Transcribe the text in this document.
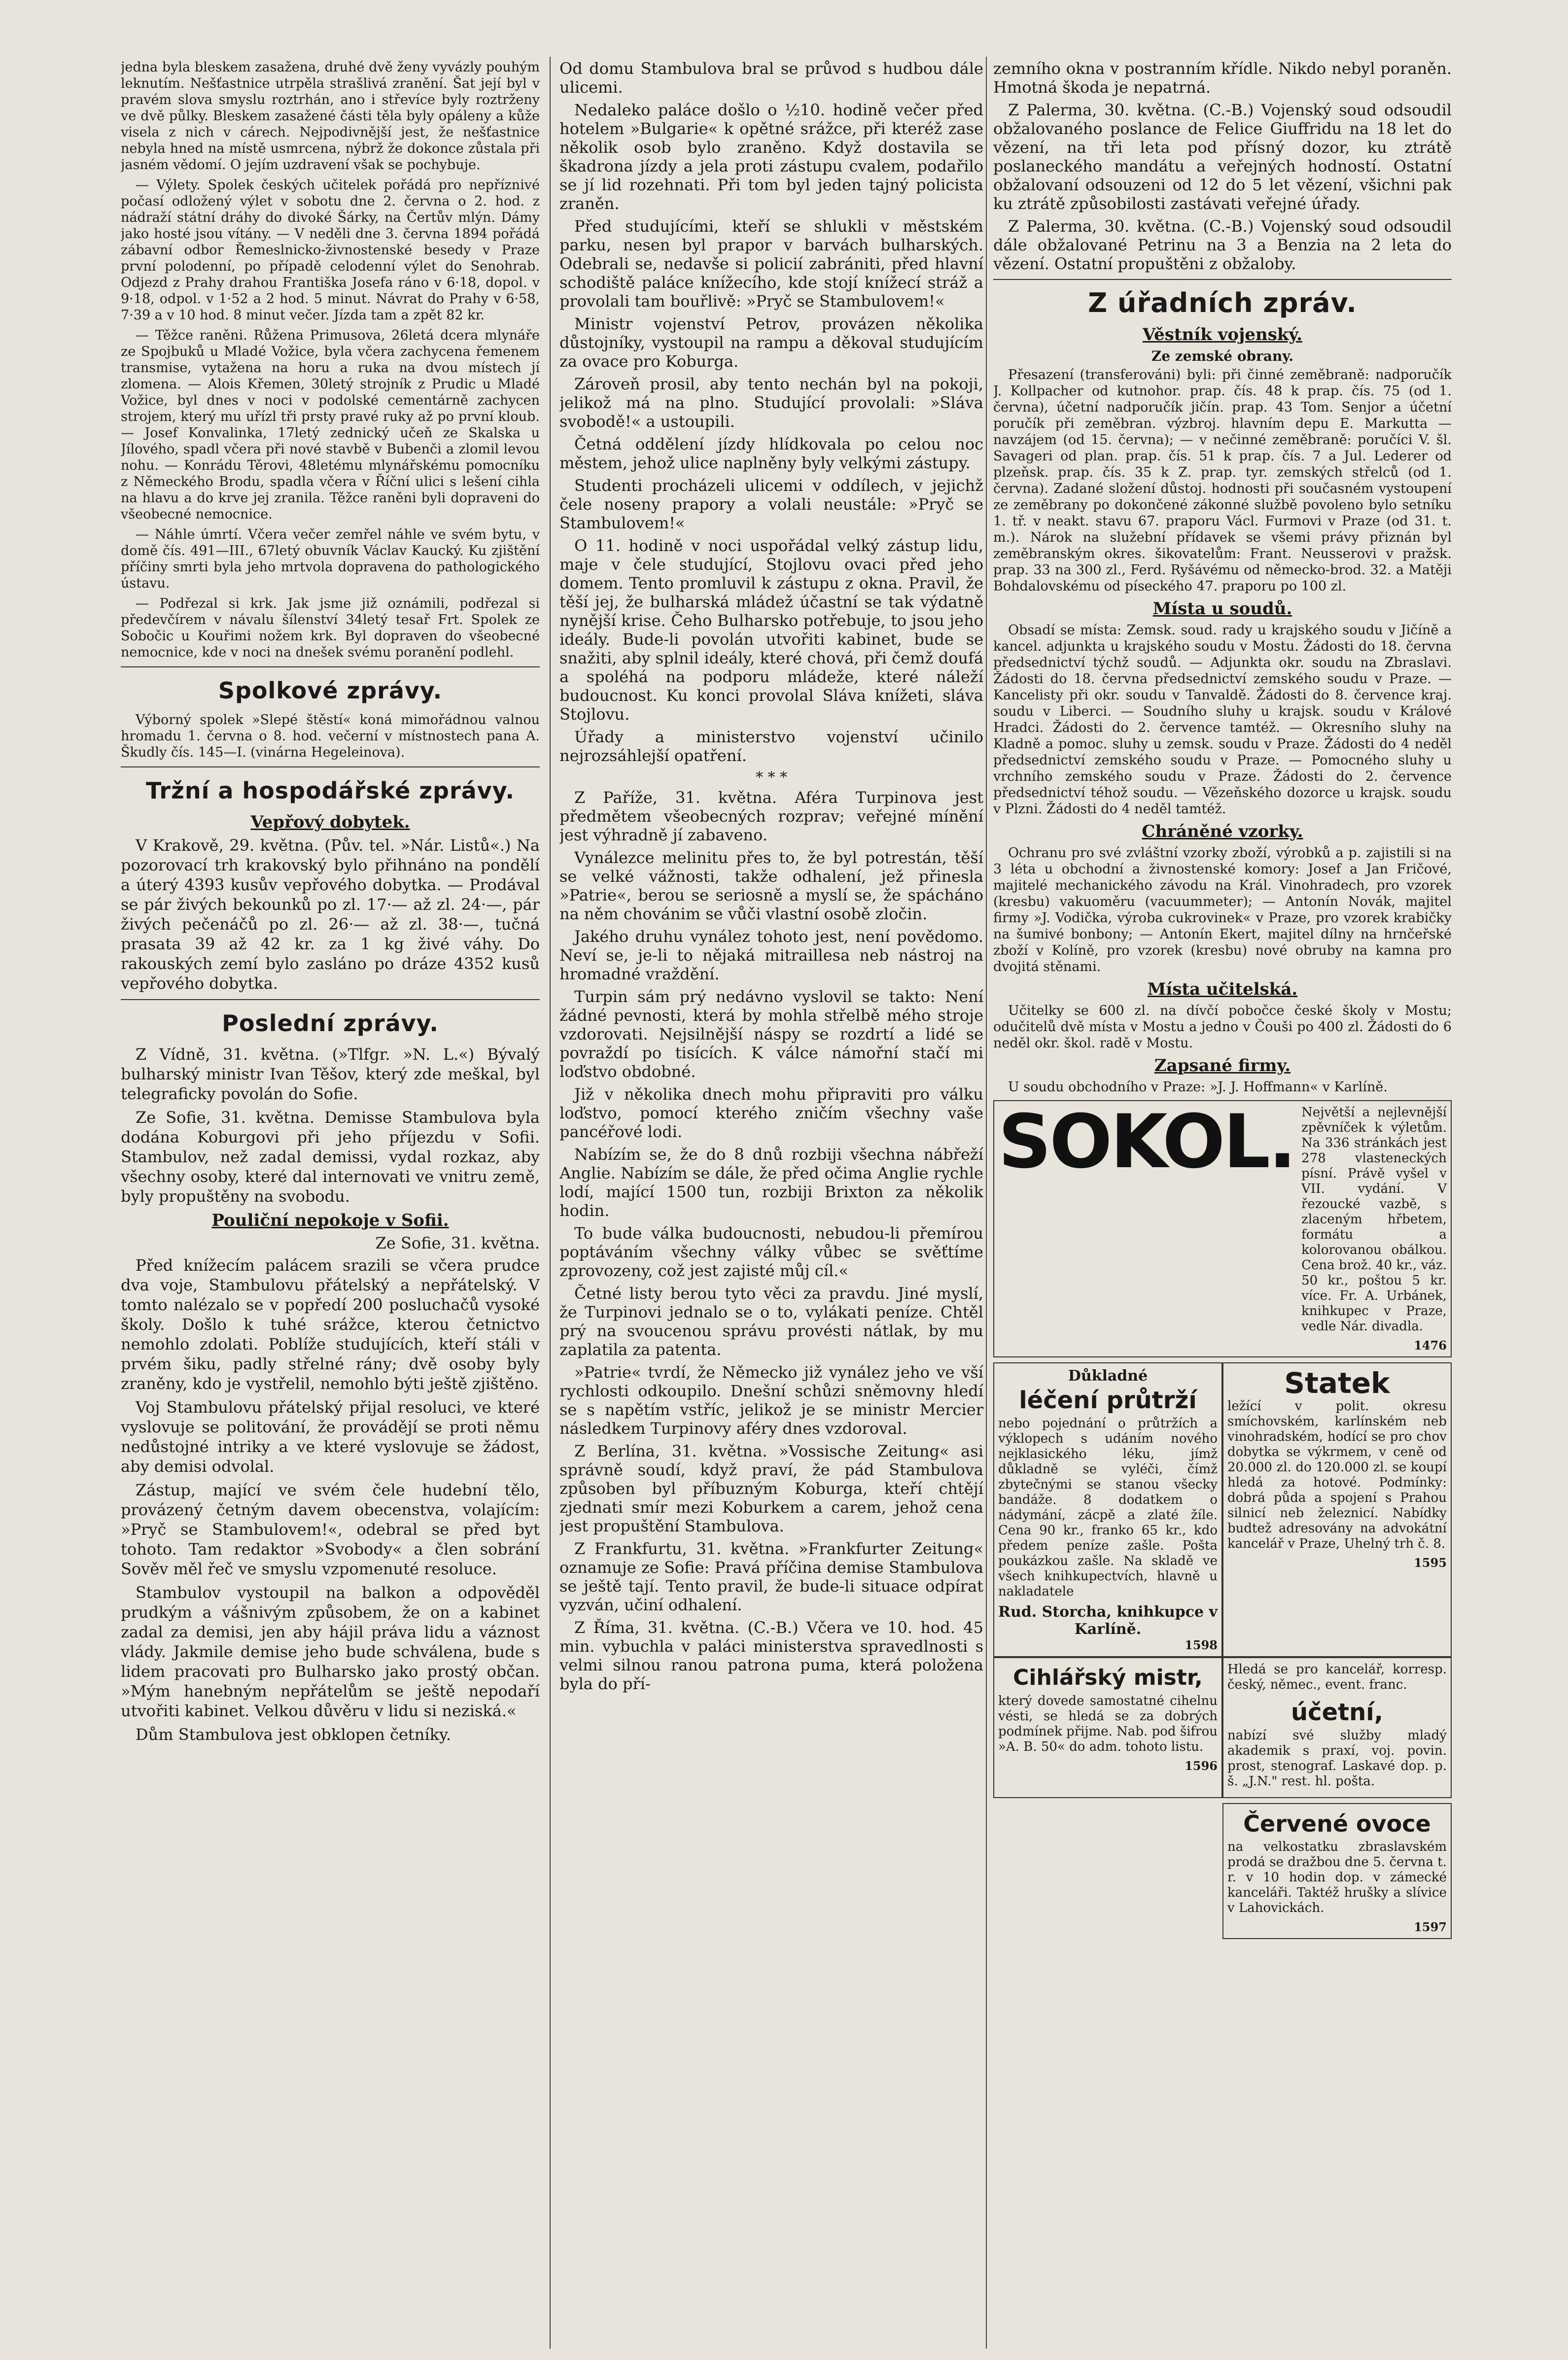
jedna byla bleskem zasažena, druhé dvě ženy vyvázly pouhým leknutím. Nešťastnice utrpěla strašlivá zranění. Šat její byl v pravém slova smyslu roztrhán, ano i střevíce byly roztrženy ve dvě půlky. Bleskem zasažené části těla byly opáleny a kůže visela z nich v cárech. Nejpodivnější jest, že nešťastnice nebyla hned na místě usmrcena, nýbrž že dokonce zůstala při jasném vědomí. O jejím uzdravení však se pochybuje.

— Výlety. Spolek českých učitelek pořádá pro nepříznivé počasí odložený výlet v sobotu dne 2. června o 2. hod. z nádraží státní dráhy do divoké Šárky, na Čertův mlýn. Dámy jako hosté jsou vítány. — V neděli dne 3. června 1894 pořádá zábavní odbor Řemeslnicko-živnostenské besedy v Praze první polodenní, po případě celodenní výlet do Senohrab. Odjezd z Prahy drahou Františka Josefa ráno v 6·18, dopol. v 9·18, odpol. v 1·52 a 2 hod. 5 minut. Návrat do Prahy v 6·58, 7·39 a v 10 hod. 8 minut večer. Jízda tam a zpět 82 kr.

— Těžce raněni. Růžena Primusova, 26letá dcera mlynáře ze Spojbuků u Mladé Vožice, byla včera zachycena řemenem transmise, vytažena na horu a ruka na dvou místech jí zlomena. — Alois Křemen, 30letý strojník z Prudic u Mladé Vožice, byl dnes v noci v podolské cementárně zachycen strojem, který mu uřízl tři prsty pravé ruky až po první kloub. — Josef Konvalinka, 17letý zednický učeň ze Skalska u Jílového, spadl včera při nové stavbě v Bubenči a zlomil levou nohu. — Konrádu Těrovi, 48letému mlynářskému pomocníku z Německého Brodu, spadla včera v Říční ulici s lešení cihla na hlavu a do krve jej zranila. Těžce raněni byli dopraveni do všeobecné nemocnice.

— Náhle úmrtí. Včera večer zemřel náhle ve svém bytu, v domě čís. 491—III., 67letý obuvník Václav Kaucký. Ku zjištění příčiny smrti byla jeho mrtvola dopravena do pathologického ústavu.

— Podřezal si krk. Jak jsme již oznámili, podřezal si předevčírem v návalu šílenství 34letý tesař Frt. Spolek ze Sobočic u Kouřimi nožem krk. Byl dopraven do všeobecné nemocnice, kde v noci na dnešek svému poranění podlehl.

Spolkové zprávy.

Výborný spolek »Slepé štěstí« koná mimořádnou valnou hromadu 1. června o 8. hod. večerní v místnostech pana A. Škudly čís. 145—I. (vinárna Hegeleinova).

Tržní a hospodářské zprávy.
Vepřový dobytek.

V Krakově, 29. května. (Pův. tel. »Nár. Listů«.) Na pozorovací trh krakovský bylo přihnáno na pondělí a úterý 4393 kusův vepřového dobytka. — Prodával se pár živých bekounků po zl. 17·— až zl. 24·—, pár živých pečenáčů po zl. 26·— až zl. 38·—, tučná prasata 39 až 42 kr. za 1 kg živé váhy. Do rakouských zemí bylo zasláno po dráze 4352 kusů vepřového dobytka.

Poslední zprávy.

Z Vídně, 31. května. (»Tlfgr. »N. L.«) Bývalý bulharský ministr Ivan Těšov, který zde meškal, byl telegraficky povolán do Sofie.

Ze Sofie, 31. května. Demisse Stambulova byla dodána Koburgovi při jeho příjezdu v Sofii. Stambulov, než zadal demissi, vydal rozkaz, aby všechny osoby, které dal internovati ve vnitru země, byly propuštěny na svobodu.

Pouliční nepokoje v Sofii.
Ze Sofie, 31. května.

Před knížecím palácem srazili se včera prudce dva voje, Stambulovu přátelský a nepřátelský. V tomto nalézalo se v popředí 200 posluchačů vysoké školy. Došlo k tuhé srážce, kterou četnictvo nemohlo zdolati. Poblíže studujících, kteří stáli v prvém šiku, padly střelné rány; dvě osoby byly zraněny, kdo je vystřelil, nemohlo býti ještě zjištěno.

Voj Stambulovu přátelský přijal resoluci, ve které vyslovuje se politování, že provádějí se proti němu nedůstojné intriky a ve které vyslovuje se žádost, aby demisi odvolal.

Zástup, mající ve svém čele hudební tělo, provázený četným davem obecenstva, volajícím: »Pryč se Stambulovem!«, odebral se před byt tohoto. Tam redaktor »Svobody« a člen sobrání Sověv měl řeč ve smyslu vzpomenuté resoluce.

Stambulov vystoupil na balkon a odpověděl prudkým a vášnivým způsobem, že on a kabinet zadal za demisi, jen aby hájil práva lidu a váznost vlády. Jakmile demise jeho bude schválena, bude s lidem pracovati pro Bulharsko jako prostý občan. »Mým hanebným nepřátelům se ještě nepodaří utvořiti kabinet. Velkou důvěru v lidu si neziská.«

Dům Stambulova jest obklopen četníky.

Od domu Stambulova bral se průvod s hudbou dále ulicemi.

Nedaleko paláce došlo o ½10. hodině večer před hotelem »Bulgarie« k opětné srážce, při kteréž zase několik osob bylo zraněno. Když dostavila se škadrona jízdy a jela proti zástupu cvalem, podařilo se jí lid rozehnati. Při tom byl jeden tajný policista zraněn.

Před studujícími, kteří se shlukli v městském parku, nesen byl prapor v barvách bulharských. Odebrali se, nedavše si policií zabrániti, před hlavní schodiště paláce knížecího, kde stojí knížecí stráž a provolali tam bouřlivě: »Pryč se Stambulovem!«

Ministr vojenství Petrov, provázen několika důstojníky, vystoupil na rampu a děkoval studujícím za ovace pro Koburga.

Zároveň prosil, aby tento nechán byl na pokoji, jelikož má na plno. Studující provolali: »Sláva svobodě!« a ustoupili.

Četná oddělení jízdy hlídkovala po celou noc městem, jehož ulice naplněny byly velkými zástupy.

Studenti procházeli ulicemi v oddílech, v jejichž čele noseny prapory a volali neustále: »Pryč se Stambulovem!«

O 11. hodině v noci uspořádal velký zástup lidu, maje v čele studující, Stojlovu ovaci před jeho domem. Tento promluvil k zástupu z okna. Pravil, že těší jej, že bulharská mládež účastní se tak výdatně nynější krise. Čeho Bulharsko potřebuje, to jsou jeho ideály. Bude-li povolán utvořiti kabinet, bude se snažiti, aby splnil ideály, které chová, při čemž doufá a spoléhá na podporu mládeže, které náleží budoucnost. Ku konci provolal Sláva knížeti, sláva Stojlovu.

Úřady a ministerstvo vojenství učinilo nejrozsáhlejší opatření.

* * *

Z Paříže, 31. května. Aféra Turpinova jest předmětem všeobecných rozprav; veřejné mínění jest výhradně jí zabaveno.

Vynálezce melinitu přes to, že byl potrestán, těší se velké vážnosti, takže odhalení, jež přinesla »Patrie«, berou se seriosně a myslí se, že spácháno na něm chovánim se vůči vlastní osobě zločin.

Jakého druhu vynález tohoto jest, není povědomo. Neví se, je-li to nějaká mitraillesa neb nástroj na hromadné vraždění.

Turpin sám prý nedávno vyslovil se takto: Není žádné pevnosti, která by mohla střelbě mého stroje vzdorovati. Nejsilnější náspy se rozdrtí a lidé se povraždí po tisících. K válce námořní stačí mi loďstvo obdobné.

Již v několika dnech mohu připraviti pro válku loďstvo, pomocí kterého zničím všechny vaše pancéřové lodi.

Nabízím se, že do 8 dnů rozbiji všechna nábřeží Anglie. Nabízím se dále, že před očima Anglie rychle lodí, mající 1500 tun, rozbiji Brixton za několik hodin.

To bude válka budoucnosti, nebudou-li přemírou poptáváním všechny války vůbec se svěťtíme zprovozeny, což jest zajisté můj cíl.«

Četné listy berou tyto věci za pravdu. Jiné myslí, že Turpinovi jednalo se o to, vylákati peníze. Chtěl prý na svoucenou správu provésti nátlak, by mu zaplatila za patenta.

»Patrie« tvrdí, že Německo již vynález jeho ve vší rychlosti odkoupilo. Dnešní schůzi sněmovny hledí se s napětím vstříc, jelikož je se ministr Mercier následkem Turpinovy aféry dnes vzdoroval.

Z Berlína, 31. května. »Vossische Zeitung« asi správně soudí, když praví, že pád Stambulova způsoben byl příbuzným Koburga, kteří chtějí zjednati smír mezi Koburkem a carem, jehož cena jest propuštění Stambulova.

Z Frankfurtu, 31. května. »Frankfurter Zeitung« oznamuje ze Sofie: Pravá příčina demise Stambulova se ještě tají. Tento pravil, že bude-li situace odpírat vyzván, učiní odhalení.

Z Říma, 31. května. (C.-B.) Včera ve 10. hod. 45 min. vybuchla v paláci ministerstva spravedlnosti s velmi silnou ranou patrona puma, která položena byla do pří-

zemního okna v postranním křídle. Nikdo nebyl poraněn. Hmotná škoda je nepatrná.

Z Palerma, 30. května. (C.-B.) Vojenský soud odsoudil obžalovaného poslance de Felice Giuffridu na 18 let do vězení, na tři leta pod přísný dozor, ku ztrátě poslaneckého mandátu a veřejných hodností. Ostatní obžalovaní odsouzeni od 12 do 5 let vězení, všichni pak ku ztrátě způsobilosti zastávati veřejné úřady.

Z Palerma, 30. května. (C.-B.) Vojenský soud odsoudil dále obžalované Petrinu na 3 a Benzia na 2 leta do vězení. Ostatní propuštěni z obžaloby.

Z úřadních zpráv.
Věstník vojenský.
Ze zemské obrany.

Přesazení (transferováni) byli: při činné zeměbraně: nadporučík J. Kollpacher od kutnohor. prap. čís. 48 k prap. čís. 75 (od 1. června), účetní nadporučík jičín. prap. 43 Tom. Senjor a účetní poručík při zeměbran. výzbroj. hlavním depu E. Markutta — navzájem (od 15. června); — v nečinné zeměbraně: poručíci V. šl. Savageri od plan. prap. čís. 51 k prap. čís. 7 a Jul. Lederer od plzeňsk. prap. čís. 35 k Z. prap. tyr. zemských střelců (od 1. června). Zadané složení důstoj. hodnosti při současném vystoupení ze zeměbrany po dokončené zákonné službě povoleno bylo setníku 1. tř. v neakt. stavu 67. praporu Václ. Furmovi v Praze (od 31. t. m.). Nárok na služební přídavek se všemi právy přiznán byl zeměbranským okres. šikovatelům: Frant. Neusserovi v pražsk. prap. 33 na 300 zl., Ferd. Ryšávému od německo-brod. 32. a Matěji Bohdalovskému od píseckého 47. praporu po 100 zl.

Místa u soudů.

Obsadí se místa: Zemsk. soud. rady u krajského soudu v Jičíně a kancel. adjunkta u krajského soudu v Mostu. Žádosti do 18. června předsednictví týchž soudů. — Adjunkta okr. soudu na Zbraslavi. Žádosti do 18. června předsednictví zemského soudu v Praze. — Kancelisty při okr. soudu v Tanvaldě. Žádosti do 8. července kraj. soudu v Liberci. — Soudního sluhy u krajsk. soudu v Králové Hradci. Žádosti do 2. července tamtéž. — Okresního sluhy na Kladně a pomoc. sluhy u zemsk. soudu v Praze. Žádosti do 4 neděl předsednictví zemského soudu v Praze. — Pomocného sluhy u vrchního zemského soudu v Praze. Žádosti do 2. července předsednictví téhož soudu. — Vězeňského dozorce u krajsk. soudu v Plzni. Žádosti do 4 neděl tamtéž.

Chráněné vzorky.

Ochranu pro své zvláštní vzorky zboží, výrobků a p. zajistili si na 3 léta u obchodní a živnostenské komory: Josef a Jan Fričové, majitelé mechanického závodu na Král. Vinohradech, pro vzorek (kresbu) vakuoměru (vacuummeter); — Antonín Novák, majitel firmy »J. Vodička, výroba cukrovinek« v Praze, pro vzorek krabičky na šumivé bonbony; — Antonín Ekert, majitel dílny na hrnčeřské zboží v Kolíně, pro vzorek (kresbu) nové obruby na kamna pro dvojitá stěnami.

Místa učitelská.

Učitelky se 600 zl. na dívčí pobočce české školy v Mostu; odučitelů dvě místa v Mostu a jedno v Čouši po 400 zl. Žádosti do 6 neděl okr. škol. radě v Mostu.

Zapsané firmy.

U soudu obchodního v Praze: »J. J. Hoffmann« v Karlíně.

SOKOL. Největší a nejlevnější zpěvníček k výletům. Na 336 stránkách jest 278 vlasteneckých písní. Právě vyšel v VII. vydání. V řezoucké vazbě, s zlaceným hřbetem, formátu a kolorovanou obálkou. Cena brož. 40 kr., váz. 50 kr., poštou 5 kr. více. Fr. A. Urbánek, knihkupec v Praze, vedle Nár. divadla.

1476
Důkladné
léčení průtrží

nebo pojednání o průtržích a výklopech s udáním nového nejklasického léku, jímž důkladně se vyléči, čímž zbytečnými se stanou všecky bandáže. 8 dodatkem o nádymání, zácpě a zlaté žíle. Cena 90 kr., franko 65 kr., kdo předem peníze zašle. Pošta poukázkou zašle. Na skladě ve všech knihkupectvích, hlavně u nakladatele

Rud. Storcha, knihkupce v Karlíně.
1598
Statek

ležící v polit. okresu smíchovském, karlínském neb vinohradském, hodící se pro chov dobytka se výkrmem, v ceně od 20.000 zl. do 120.000 zl. se koupí hledá za hotové. Podmínky: dobrá půda a spojení s Prahou silnicí neb železnicí. Nabídky budtež adresovány na advokátní kancelář v Praze, Uhelný trh č. 8.

1595
Cihlářský mistr,

který dovede samostatné cihelnu vésti, se hledá se za dobrých podmínek přijme. Nab. pod šifrou »A. B. 50« do adm. tohoto listu.

1596

Hledá se pro kancelář, korresp. český, němec., event. franc.

účetní,

nabízí své služby mladý akademik s praxí, voj. povin. prost, stenograf. Laskavé dop. p. š. „J.N." rest. hl. pošta.

Červené ovoce

na velkostatku zbraslavském prodá se dražbou dne 5. června t. r. v 10 hodin dop. v zámecké kanceláři. Taktéž hrušky a slívice v Lahovickách.

1597
